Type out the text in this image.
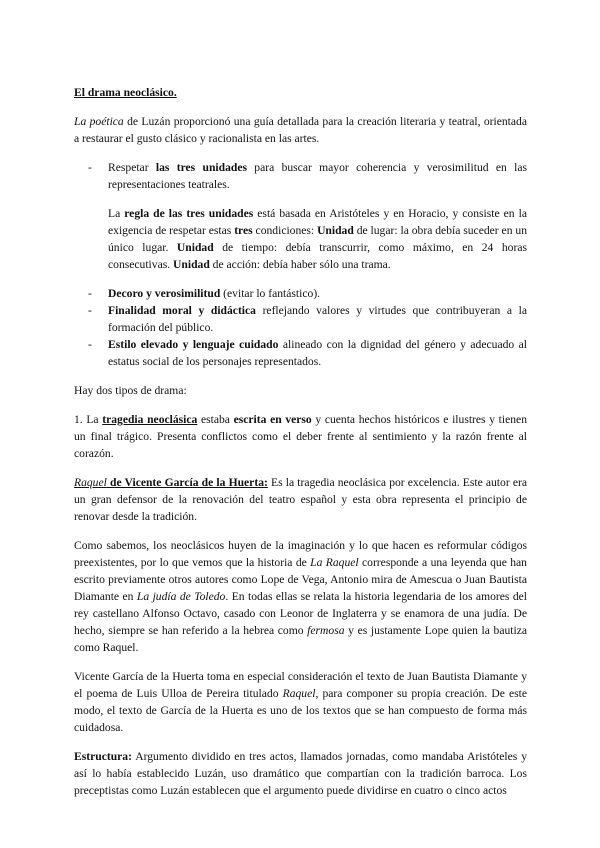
El drama neoclásico.

La poética de Luzán proporcionó una guía detallada para la creación literaria y teatral, orientada a restaurar el gusto clásico y racionalista en las artes.

- Respetar las tres unidades para buscar mayor coherencia y verosimilitud en las representaciones teatrales.

La regla de las tres unidades está basada en Aristóteles y en Horacio, y consiste en la exigencia de respetar estas tres condiciones: Unidad de lugar: la obra debía suceder en un único lugar. Unidad de tiempo: debía transcurrir, como máximo, en 24 horas consecutivas. Unidad de acción: debía haber sólo una trama.

- Decoro y verosimilitud (evitar lo fantástico).
- Finalidad moral y didáctica reflejando valores y virtudes que contribuyeran a la formación del público.
- Estilo elevado y lenguaje cuidado alineado con la dignidad del género y adecuado al estatus social de los personajes representados.

Hay dos tipos de drama:

1. La tragedia neoclásica estaba escrita en verso y cuenta hechos históricos e ilustres y tienen un final trágico. Presenta conflictos como el deber frente al sentimiento y la razón frente al corazón.

Raquel de Vicente García de la Huerta: Es la tragedia neoclásica por excelencia. Este autor era un gran defensor de la renovación del teatro español y esta obra representa el principio de renovar desde la tradición.

Como sabemos, los neoclásicos huyen de la imaginación y lo que hacen es reformular códigos preexistentes, por lo que vemos que la historia de La Raquel corresponde a una leyenda que han escrito previamente otros autores como Lope de Vega, Antonio mira de Amescua o Juan Bautista Diamante en La judía de Toledo. En todas ellas se relata la historia legendaria de los amores del rey castellano Alfonso Octavo, casado con Leonor de Inglaterra y se enamora de una judía. De hecho, siempre se han referido a la hebrea como fermosa y es justamente Lope quien la bautiza como Raquel.

Vicente García de la Huerta toma en especial consideración el texto de Juan Bautista Diamante y el poema de Luis Ulloa de Pereira titulado Raquel, para componer su propia creación. De este modo, el texto de García de la Huerta es uno de los textos que se han compuesto de forma más cuidadosa.

Estructura: Argumento dividido en tres actos, llamados jornadas, como mandaba Aristóteles y así lo había establecido Luzán, uso dramático que compartían con la tradición barroca. Los preceptistas como Luzán establecen que el argumento puede dividirse en cuatro o cinco actos
